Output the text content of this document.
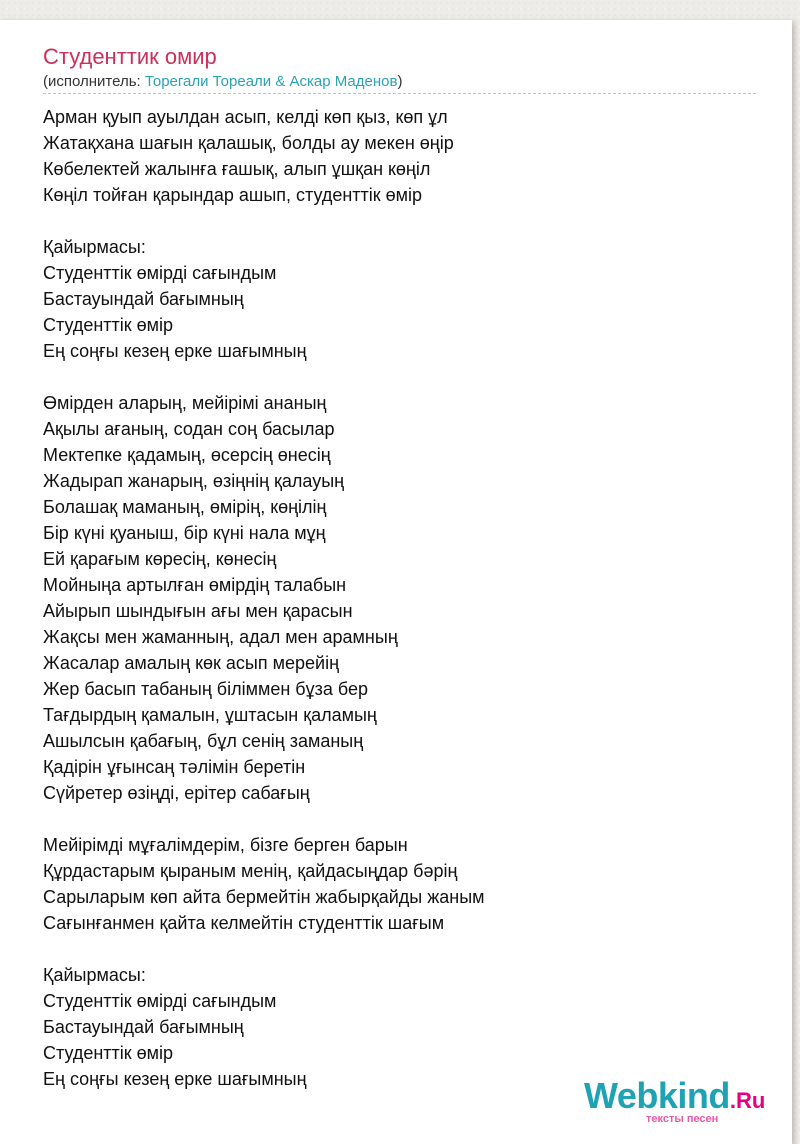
Студенттик омир
(исполнитель: Торегали Тореали & Аскар Маденов)
Арман қуып ауылдан асып, келді көп қыз, көп ұл
Жатақхана шағын қалашық, болды ау мекен өңір
Көбелектей жалынға ғашық, алып ұшқан көңіл
Көңіл тойған қарындар ашып, студенттік өмір
Қайырмасы:
Студенттік өмірді сағындым
Бастауындай бағымның
Студенттік өмір
Ең соңғы кезең ерке шағымның
Өмірден аларың, мейірімі ананың
Ақылы ағаның, содан соң басылар
Мектепке қадамың, өсерсің өнесің
Жадырап жанарың, өзіңнің қалауың
Болашақ маманың, өмірің, көңілің
Бір күні қуаныш, бір күні нала мұң
Ей қарағым көресің, көнесің
Мойныңа артылған өмірдің талабын
Айырып шындығын ағы мен қарасын
Жақсы мен жаманның, адал мен арамның
Жасалар амалың көк асып мерейің
Жер басып табаның біліммен бұза бер
Тағдырдың қамалын, ұштасын қаламың
Ашылсын қабағың, бұл сенің заманың
Қадірін ұғынсаң тәлімін беретін
Сүйретер өзіңді, ерітер сабағың
Мейірімді мұғалімдерім, бізге берген барын
Құрдастарым қыраным менің, қайдасыңдар бәрің
Сарыларым көп айта бермейтін жабырқайды жаным
Сағынғанмен қайта келмейтін студенттік шағым
Қайырмасы:
Студенттік өмірді сағындым
Бастауындай бағымның
Студенттік өмір
Ең соңғы кезең ерке шағымның	Webkind.Ru
тексты песен
